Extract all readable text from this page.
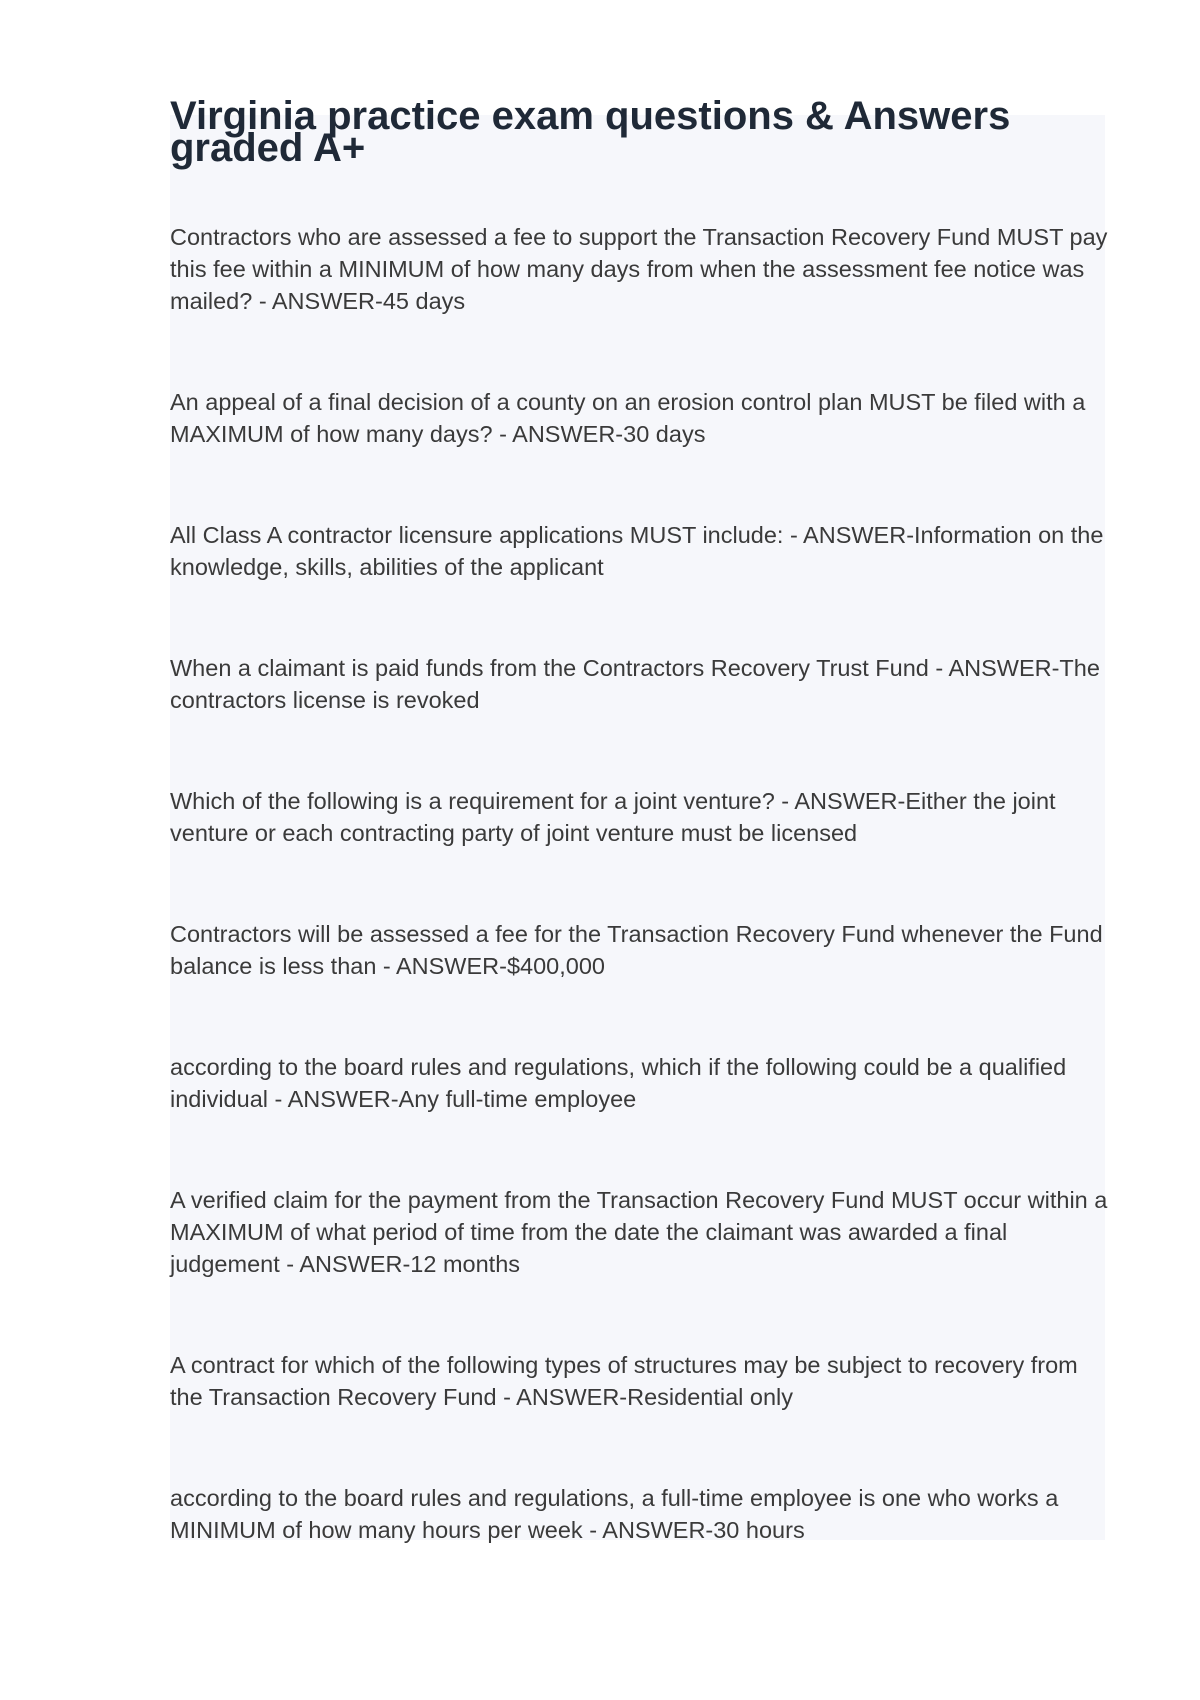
Virginia practice exam questions & Answers graded A+

Contractors who are assessed a fee to support the Transaction Recovery Fund MUST pay this fee within a MINIMUM of how many days from when the assessment fee notice was mailed? - ANSWER-45 days

An appeal of a final decision of a county on an erosion control plan MUST be filed with a MAXIMUM of how many days? - ANSWER-30 days

All Class A contractor licensure applications MUST include: - ANSWER-Information on the knowledge, skills, abilities of the applicant

When a claimant is paid funds from the Contractors Recovery Trust Fund - ANSWER-The contractors license is revoked

Which of the following is a requirement for a joint venture? - ANSWER-Either the joint venture or each contracting party of joint venture must be licensed

Contractors will be assessed a fee for the Transaction Recovery Fund whenever the Fund balance is less than - ANSWER-$400,000

according to the board rules and regulations, which if the following could be a qualified individual - ANSWER-Any full-time employee

A verified claim for the payment from the Transaction Recovery Fund MUST occur within a MAXIMUM of what period of time from the date the claimant was awarded a final judgement - ANSWER-12 months

A contract for which of the following types of structures may be subject to recovery from the Transaction Recovery Fund - ANSWER-Residential only

according to the board rules and regulations, a full-time employee is one who works a MINIMUM of how many hours per week - ANSWER-30 hours
